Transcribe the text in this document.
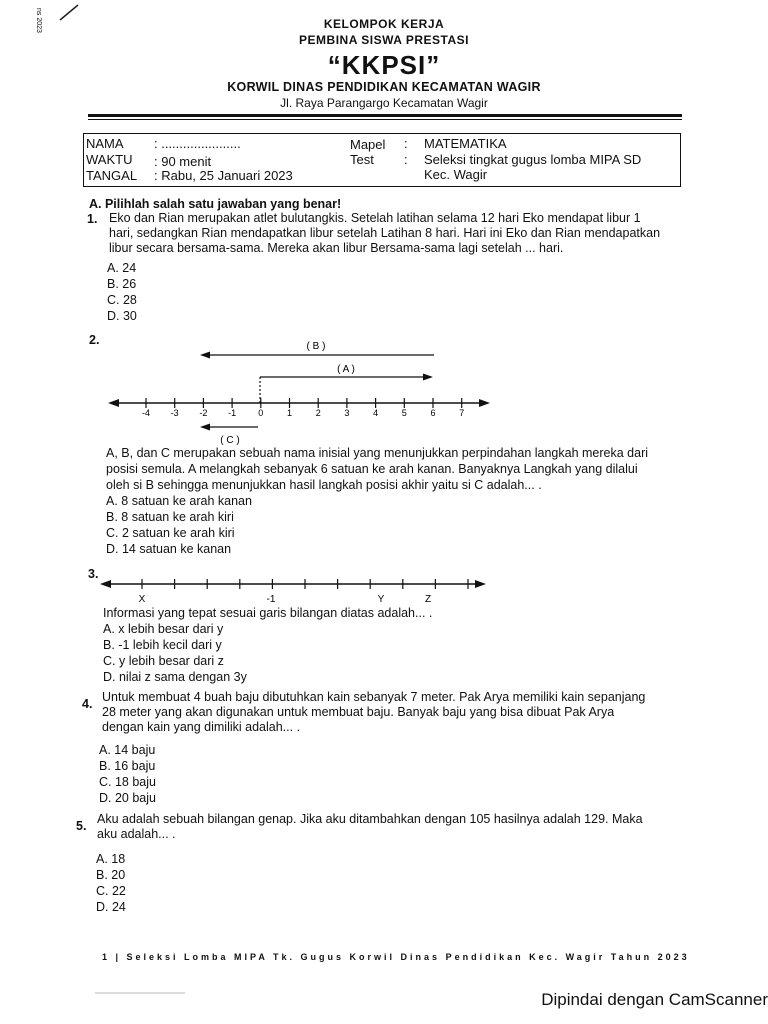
ns 2023	KELOMPOK KERJA
PEMBINA SISWA PRESTASI
“KKPSI”
KORWIL DINAS PENDIDIKAN KECAMATAN WAGIR
Jl. Raya Parangargo Kecamatan Wagir
NAMA : ......................
WAKTU : 90 menit
TANGAL : Rabu, 25 Januari 2023
Mapel : MATEMATIKA
Test : Seleksi tingkat gugus lomba MIPA SD
Kec. Wagir
A. Pilihlah salah satu jawaban yang benar!
1. Eko dan Rian merupakan atlet bulutangkis. Setelah latihan selama 12 hari Eko mendapat libur 1
hari, sedangkan Rian mendapatkan libur setelah Latihan 8 hari. Hari ini Eko dan Rian mendapatkan
libur secara bersama-sama. Mereka akan libur Bersama-sama lagi setelah ... hari.
A. 24
B. 26
C. 28
D. 30
2.	( B )
( A )
-4 -3 -2 -1 0	1	2	3	4	5	6	7
( C )
A, B, dan C merupakan sebuah nama inisial yang menunjukkan perpindahan langkah mereka dari
posisi semula. A melangkah sebanyak 6 satuan ke arah kanan. Banyaknya Langkah yang dilalui
oleh si B sehingga menunjukkan hasil langkah posisi akhir yaitu si C adalah... .
A. 8 satuan ke arah kanan
B. 8 satuan ke arah kiri
C. 2 satuan ke arah kiri
D. 14 satuan ke kanan
3.
X	-1	Y	Z
Informasi yang tepat sesuai garis bilangan diatas adalah... .
A. x lebih besar dari y
B. -1 lebih kecil dari y
C. y lebih besar dari z
D. nilai z sama dengan 3y
4. Untuk membuat 4 buah baju dibutuhkan kain sebanyak 7 meter. Pak Arya memiliki kain sepanjang
28 meter yang akan digunakan untuk membuat baju. Banyak baju yang bisa dibuat Pak Arya
dengan kain yang dimiliki adalah... .
A. 14 baju
B. 16 baju
C. 18 baju
D. 20 baju
5. Aku adalah sebuah bilangan genap. Jika aku ditambahkan dengan 105 hasilnya adalah 129. Maka
aku adalah... .
A. 18
B. 20
C. 22
D. 24
1 | Seleksi Lomba MIPA Tk. Gugus Korwil Dinas Pendidikan Kec. Wagir Tahun 2023
Dipindai dengan CamScanner
